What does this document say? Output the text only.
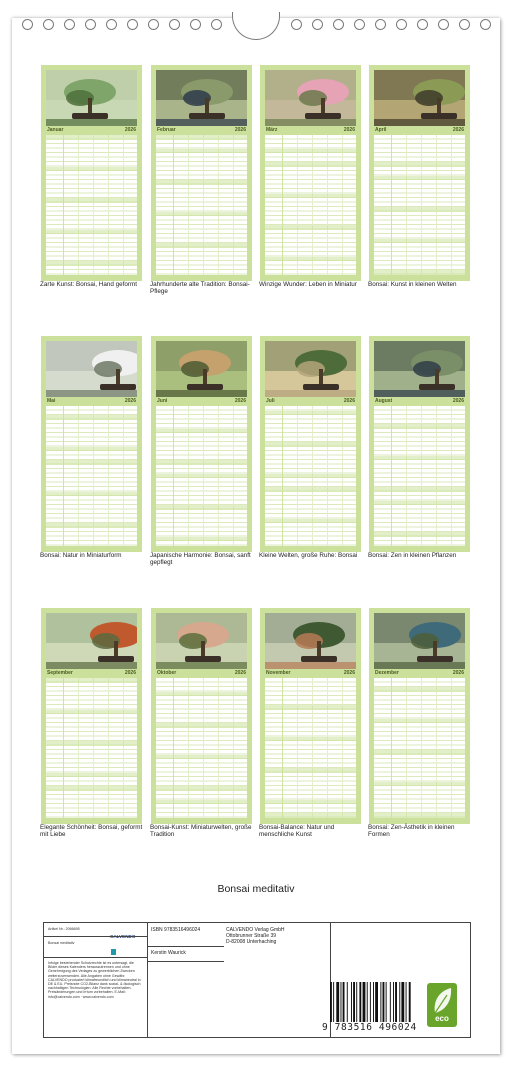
Januar	2026
Zarte Kunst: Bonsai, Hand geformt
Februar	2026
Jahrhunderte alte Tradition: Bonsai-Pflege
März	2026
Winzige Wunder: Leben in Miniatur
April	2026
Bonsai: Kunst in kleinen Welten
Mai	2026
Bonsai: Natur in Miniaturform
Juni	2026
Japanische Harmonie: Bonsai, sanft gepflegt
Juli	2026
Kleine Welten, große Ruhe: Bonsai
August	2026
Bonsai: Zen in kleinen Pflanzen
September	2026
Elegante Schönheit: Bonsai, geformt mit Liebe
Oktober	2026
Bonsai-Kunst: Miniaturwelten, große Tradition
November	2026
Bonsai-Balance: Natur und menschliche Kunst
Dezember	2026
Bonsai: Zen-Ästhetik in kleinen Formen
Bonsai meditativ
Artikel Nr.: 2066695
Bonsai meditativ
Infolge bestehender Schutzrechte ist es untersagt, die Bilder dieses Kalenders herauszutrennen und ohne Genehmigung des Verlages zu gewerblichen Zwecken weiterzuverwenden. Alle Angaben ohne Gewähr. CALVENDO produziert klimafreundlich und klimaneutral in DE & EU. Preisnote CO2-Bilanz dank sozial- & ökologisch nachhaltigen Technologien. Alle Rechte vorbehalten. Preisänderungen und Irrtum vorbehalten. E-Mail: info@calvendo.com · www.calvendo.com
ISBN 9783516496024	CALVENDO Verlag GmbH
Ottobrunner Straße 39
D-82008 Unterhaching
Kerstin Waurick
9 783516 496024
eco
